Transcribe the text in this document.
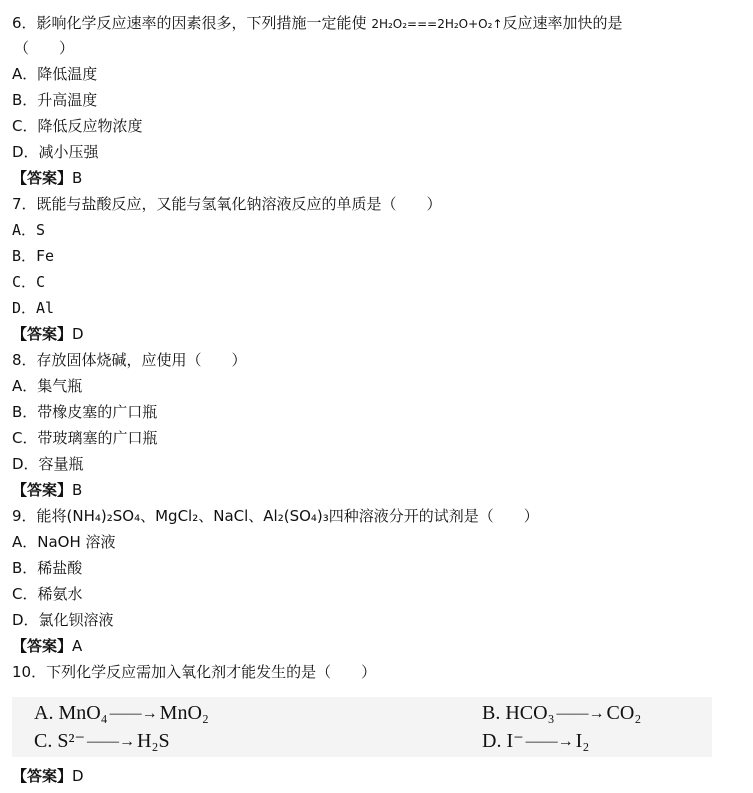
6．影响化学反应速率的因素很多，下列措施一定能使 2H₂O₂===2H₂O+O₂↑反应速率加快的是
（　　）
A．降低温度
B．升高温度
C．降低反应物浓度
D．减小压强
【答案】B
7．既能与盐酸反应，又能与氢氧化钠溶液反应的单质是（　　）
A．S
B．Fe
C．C
D．Al
【答案】D
8．存放固体烧碱，应使用（　　）
A．集气瓶
B．带橡皮塞的广口瓶
C．带玻璃塞的广口瓶
D．容量瓶
【答案】B
9．能将(NH₄)₂SO₄、MgCl₂、NaCl、Al₂(SO₄)₃四种溶液分开的试剂是（　　）
A．NaOH 溶液
B．稀盐酸
C．稀氨水
D．氯化钡溶液
【答案】A
10．下列化学反应需加入氧化剂才能发生的是（　　）
A. MnO₄ ——→ MnO₂	B. HCO₃ ——→ CO₂
C. S²⁻ ——→ H₂S	D. I⁻ ——→ I₂
【答案】D
